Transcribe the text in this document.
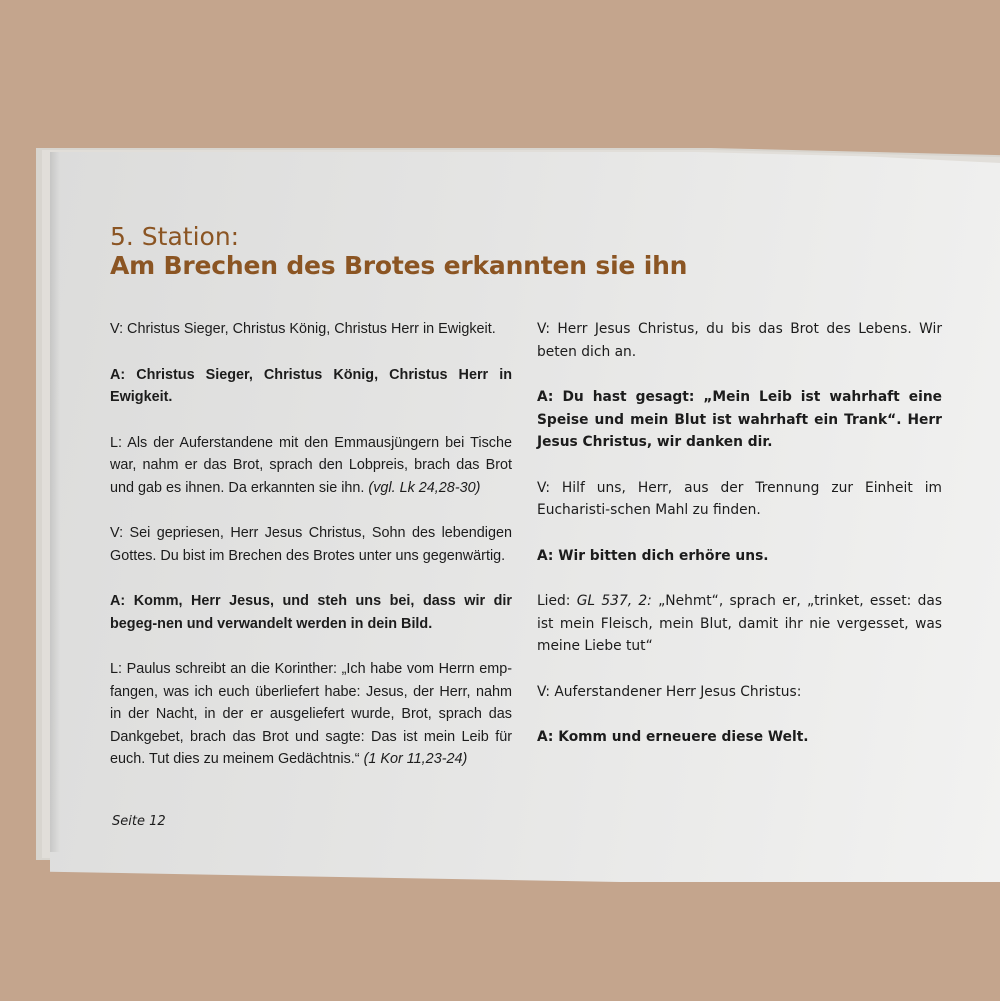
5. Station:
Am Brechen des Brotes erkannten sie ihn

V: Christus Sieger, Christus König, Christus Herr in Ewigkeit.

A: Christus Sieger, Christus König, Christus Herr in Ewigkeit.

L: Als der Auferstandene mit den Emmausjüngern bei Tische war, nahm er das Brot, sprach den Lobpreis, brach das Brot und gab es ihnen. Da erkannten sie ihn. (vgl. Lk 24,28-30)

V: Sei gepriesen, Herr Jesus Christus, Sohn des lebendigen Gottes. Du bist im Brechen des Brotes unter uns gegenwärtig.

A: Komm, Herr Jesus, und steh uns bei, dass wir dir begeg-nen und verwandelt werden in dein Bild.

L: Paulus schreibt an die Korinther: „Ich habe vom Herrn emp-fangen, was ich euch überliefert habe: Jesus, der Herr, nahm in der Nacht, in der er ausgeliefert wurde, Brot, sprach das Dankgebet, brach das Brot und sagte: Das ist mein Leib für euch. Tut dies zu meinem Gedächtnis.“ (1 Kor 11,23-24)

V: Herr Jesus Christus, du bis das Brot des Lebens. Wir beten dich an.

A: Du hast gesagt: „Mein Leib ist wahrhaft eine Speise und mein Blut ist wahrhaft ein Trank“. Herr Jesus Christus, wir danken dir.

V: Hilf uns, Herr, aus der Trennung zur Einheit im Eucharisti-schen Mahl zu finden.

A: Wir bitten dich erhöre uns.

Lied: GL 537, 2: „Nehmt“, sprach er, „trinket, esset: das ist mein Fleisch, mein Blut, damit ihr nie vergesset, was meine Liebe tut“

V: Auferstandener Herr Jesus Christus:

A: Komm und erneuere diese Welt.

Seite 12
